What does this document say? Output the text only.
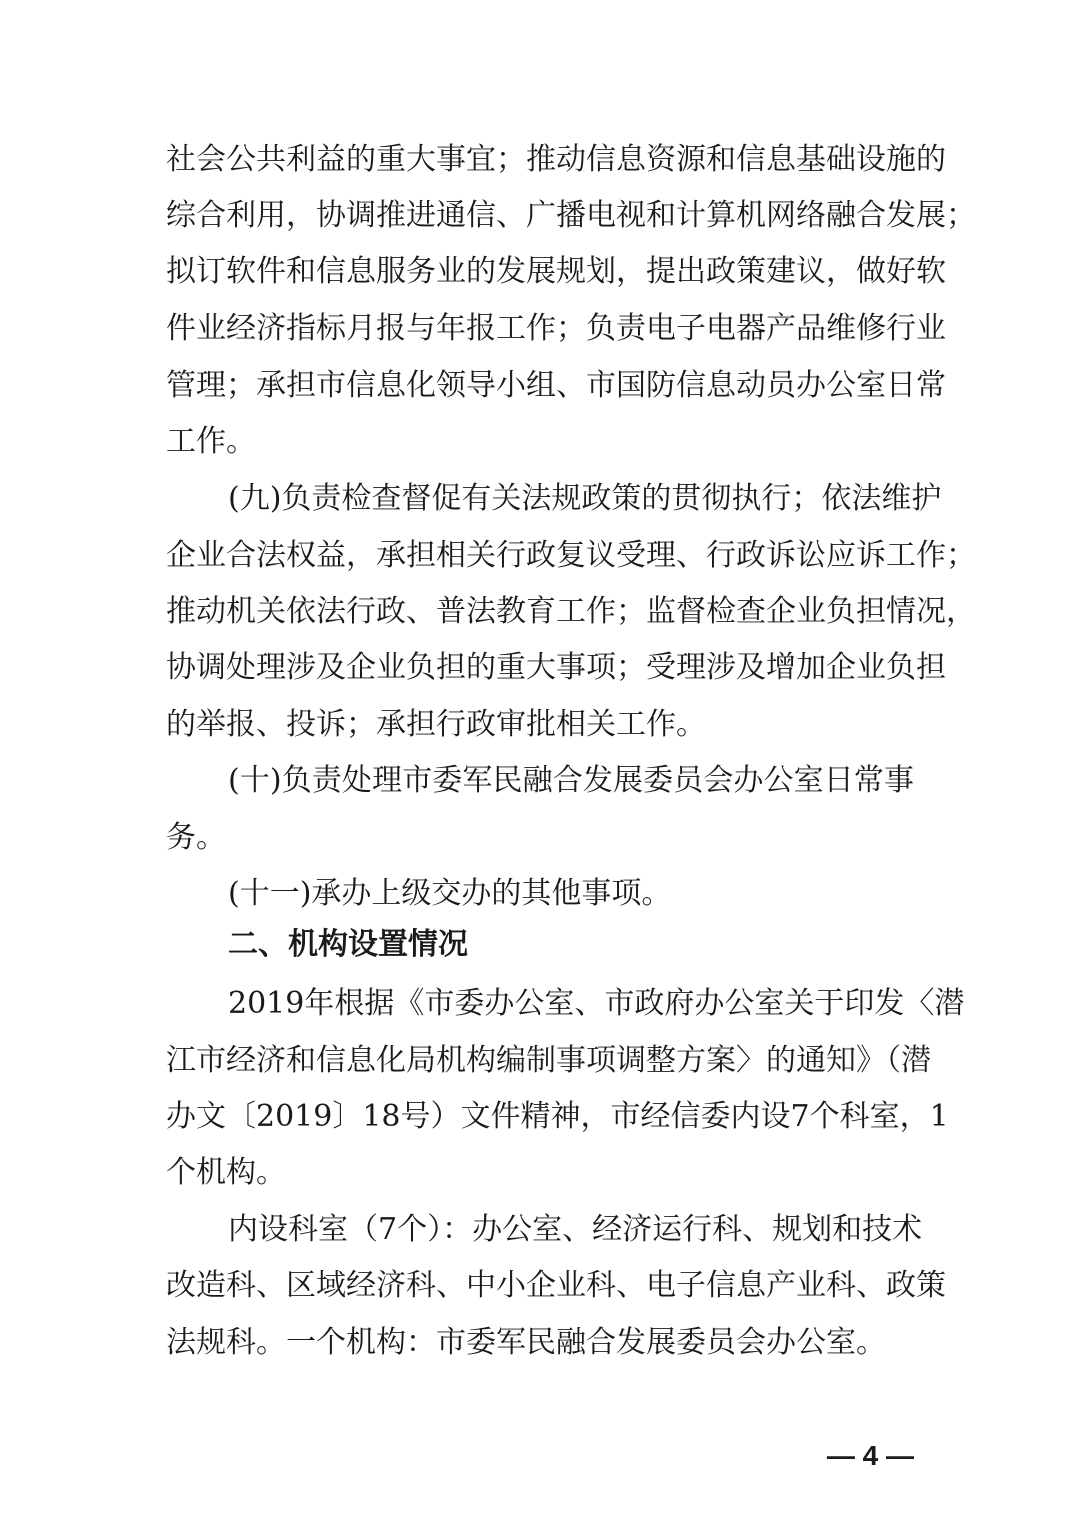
社会公共利益的重大事宜；推动信息资源和信息基础设施的
综合利用，协调推进通信、广播电视和计算机网络融合发展；
拟订软件和信息服务业的发展规划，提出政策建议，做好软
件业经济指标月报与年报工作；负责电子电器产品维修行业
管理；承担市信息化领导小组、市国防信息动员办公室日常
工作。
(九)负责检查督促有关法规政策的贯彻执行；依法维护
企业合法权益，承担相关行政复议受理、行政诉讼应诉工作；
推动机关依法行政、普法教育工作；监督检查企业负担情况，
协调处理涉及企业负担的重大事项；受理涉及增加企业负担
的举报、投诉；承担行政审批相关工作。
(十)负责处理市委军民融合发展委员会办公室日常事
务。
(十一)承办上级交办的其他事项。
二、机构设置情况
2019年根据《市委办公室、市政府办公室关于印发〈潜
江市经济和信息化局机构编制事项调整方案〉的通知》（潜
办文〔2019〕18号）文件精神，市经信委内设7个科室，1
个机构。
内设科室（7个）：办公室、经济运行科、规划和技术
改造科、区域经济科、中小企业科、电子信息产业科、政策
法规科。一个机构：市委军民融合发展委员会办公室。
— 4 —
